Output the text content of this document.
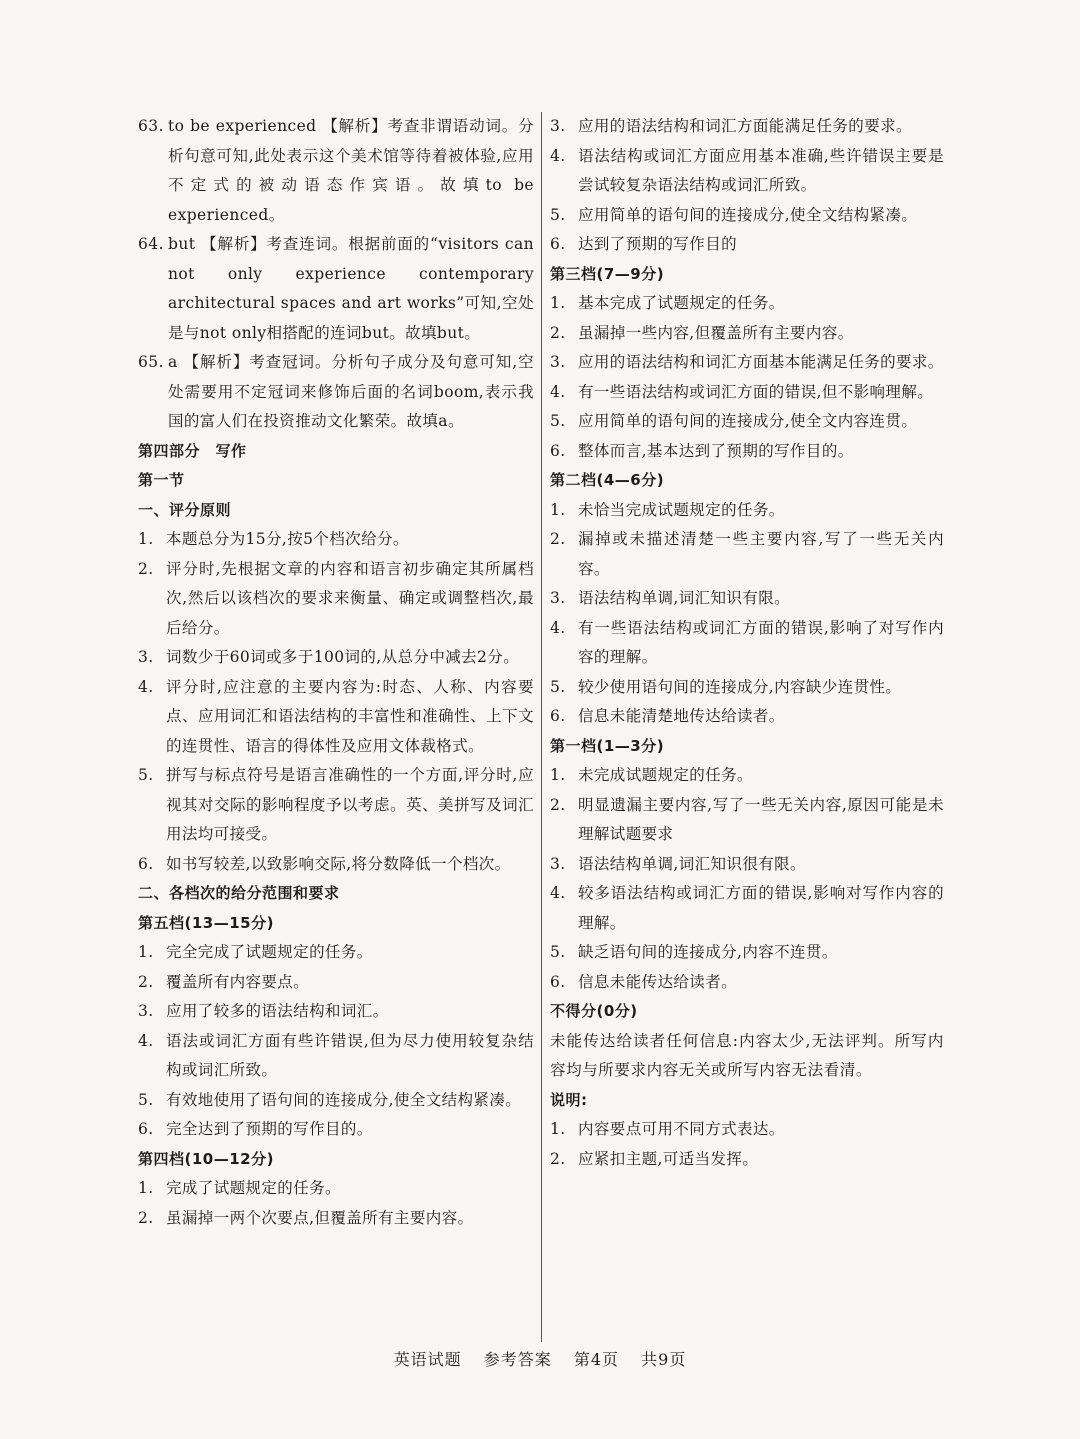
63. to be experienced 【解析】考查非谓语动词。分析句意可知,此处表示这个美术馆等待着被体验,应用不定式的被动语态作宾语。故填to be experienced。
64. but 【解析】考查连词。根据前面的“visitors can not only experience contemporary architectural spaces and art works”可知,空处是与not only相搭配的连词but。故填but。
65. a 【解析】考查冠词。分析句子成分及句意可知,空处需要用不定冠词来修饰后面的名词boom,表示我国的富人们在投资推动文化繁荣。故填a。
第四部分　写作
第一节
一、评分原则
1. 本题总分为15分,按5个档次给分。
2. 评分时,先根据文章的内容和语言初步确定其所属档次,然后以该档次的要求来衡量、确定或调整档次,最后给分。
3. 词数少于60词或多于100词的,从总分中减去2分。
4. 评分时,应注意的主要内容为:时态、人称、内容要点、应用词汇和语法结构的丰富性和准确性、上下文的连贯性、语言的得体性及应用文体裁格式。
5. 拼写与标点符号是语言准确性的一个方面,评分时,应视其对交际的影响程度予以考虑。英、美拼写及词汇用法均可接受。
6. 如书写较差,以致影响交际,将分数降低一个档次。
二、各档次的给分范围和要求
第五档(13—15分)
1. 完全完成了试题规定的任务。
2. 覆盖所有内容要点。
3. 应用了较多的语法结构和词汇。
4. 语法或词汇方面有些许错误,但为尽力使用较复杂结构或词汇所致。
5. 有效地使用了语句间的连接成分,使全文结构紧凑。
6. 完全达到了预期的写作目的。
第四档(10—12分)
1. 完成了试题规定的任务。
2. 虽漏掉一两个次要点,但覆盖所有主要内容。
3. 应用的语法结构和词汇方面能满足任务的要求。
4. 语法结构或词汇方面应用基本准确,些许错误主要是尝试较复杂语法结构或词汇所致。
5. 应用简单的语句间的连接成分,使全文结构紧凑。
6. 达到了预期的写作目的
第三档(7—9分)
1. 基本完成了试题规定的任务。
2. 虽漏掉一些内容,但覆盖所有主要内容。
3. 应用的语法结构和词汇方面基本能满足任务的要求。
4. 有一些语法结构或词汇方面的错误,但不影响理解。
5. 应用简单的语句间的连接成分,使全文内容连贯。
6. 整体而言,基本达到了预期的写作目的。
第二档(4—6分)
1. 未恰当完成试题规定的任务。
2. 漏掉或未描述清楚一些主要内容,写了一些无关内容。
3. 语法结构单调,词汇知识有限。
4. 有一些语法结构或词汇方面的错误,影响了对写作内容的理解。
5. 较少使用语句间的连接成分,内容缺少连贯性。
6. 信息未能清楚地传达给读者。
第一档(1—3分)
1. 未完成试题规定的任务。
2. 明显遗漏主要内容,写了一些无关内容,原因可能是未理解试题要求
3. 语法结构单调,词汇知识很有限。
4. 较多语法结构或词汇方面的错误,影响对写作内容的理解。
5. 缺乏语句间的连接成分,内容不连贯。
6. 信息未能传达给读者。
不得分(0分)
未能传达给读者任何信息:内容太少,无法评判。所写内容均与所要求内容无关或所写内容无法看清。
说明:
1. 内容要点可用不同方式表达。
2. 应紧扣主题,可适当发挥。
英语试题 参考答案 第4页 共9页
